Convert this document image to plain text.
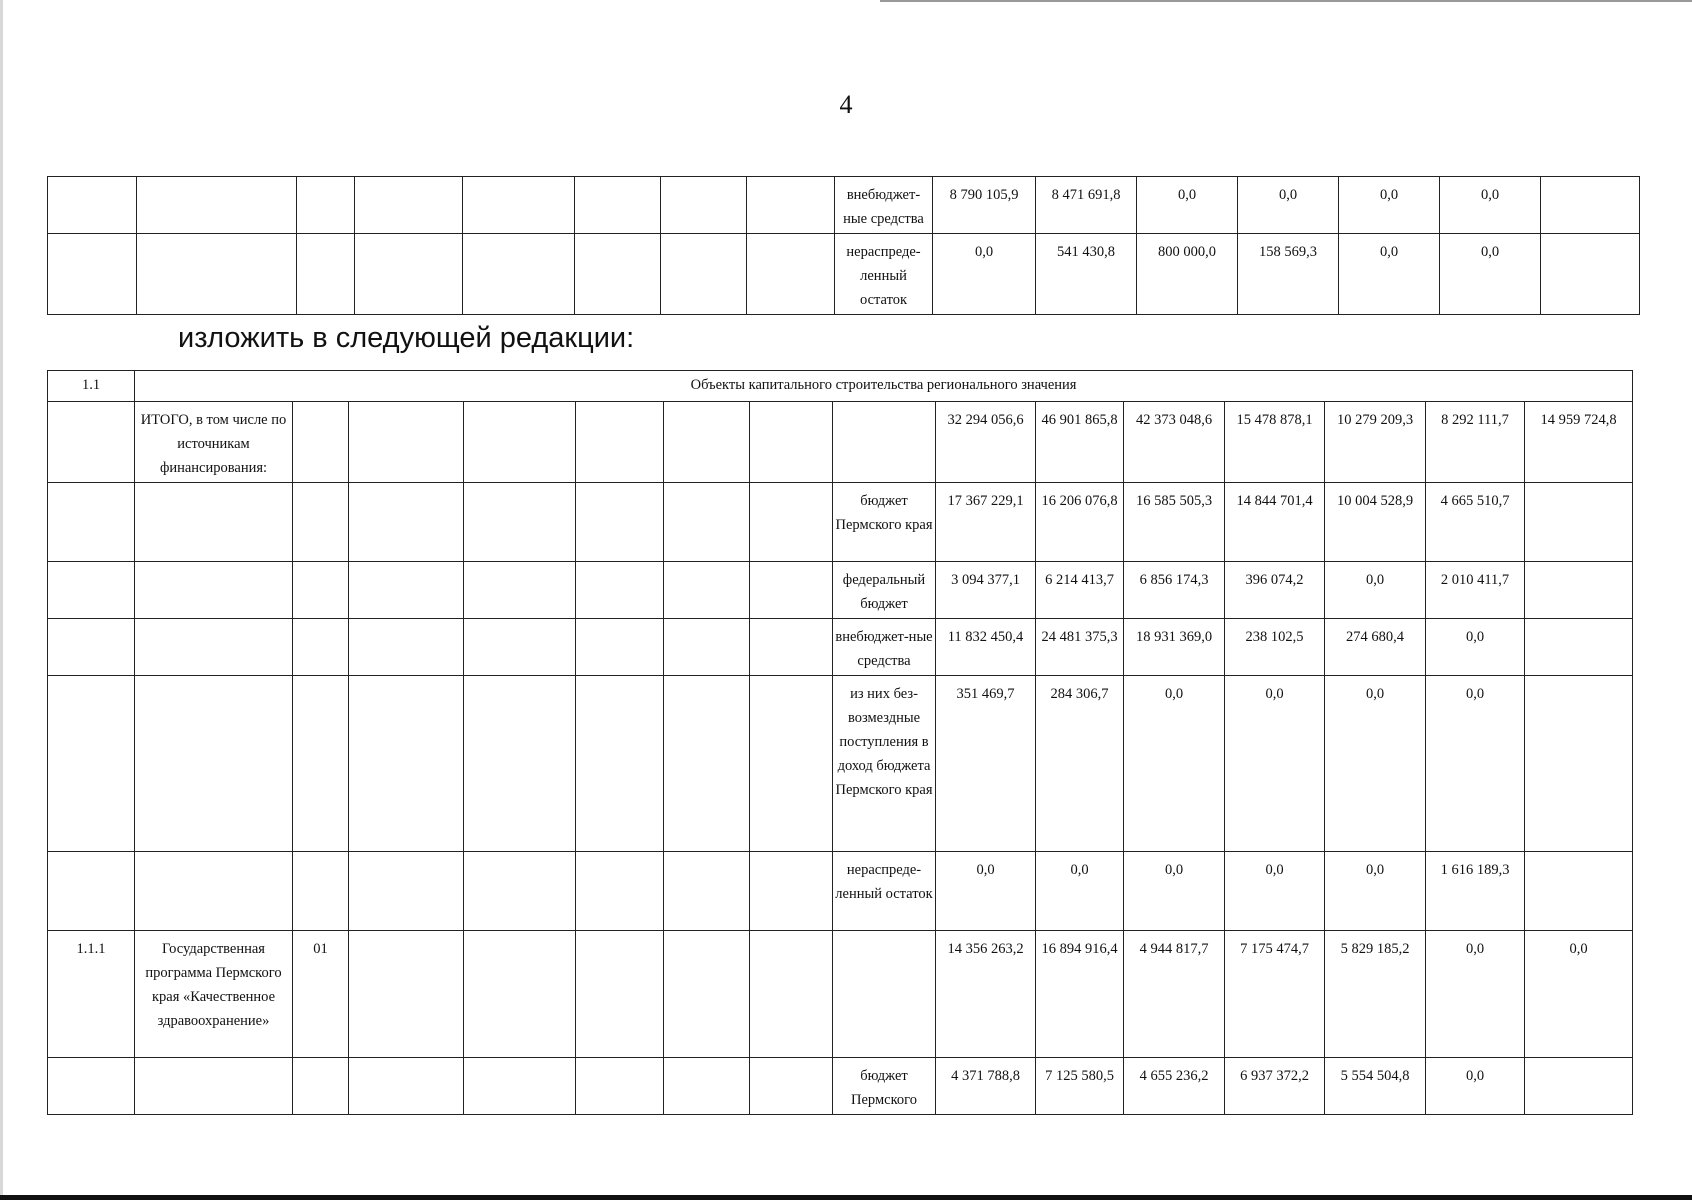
4
								внебюджет-ные средства	8 790 105,9	8 471 691,8	0,0	0,0	0,0	0,0	
								нераспреде-ленный остаток	0,0	541 430,8	800 000,0	158 569,3	0,0	0,0	
изложить в следующей редакции:
1.1	Объекты капитального строительства регионального значения														
	ИТОГО, в том числе по источникам финансирования:								32 294 056,6	46 901 865,8	42 373 048,6	15 478 878,1	10 279 209,3	8 292 111,7	14 959 724,8
								бюджет Пермского края	17 367 229,1	16 206 076,8	16 585 505,3	14 844 701,4	10 004 528,9	4 665 510,7	
								федеральный бюджет	3 094 377,1	6 214 413,7	6 856 174,3	396 074,2	0,0	2 010 411,7	
								внебюджет-ные средства	11 832 450,4	24 481 375,3	18 931 369,0	238 102,5	274 680,4	0,0	
								из них без-возмездные поступления в доход бюджета Пермского края	351 469,7	284 306,7	0,0	0,0	0,0	0,0	
								нераспреде-ленный остаток	0,0	0,0	0,0	0,0	0,0	1 616 189,3	
1.1.1	Государственная программа Пермского края «Качественное здравоохранение»	01							14 356 263,2	16 894 916,4	4 944 817,7	7 175 474,7	5 829 185,2	0,0	0,0
								бюджет Пермского	4 371 788,8	7 125 580,5	4 655 236,2	6 937 372,2	5 554 504,8	0,0	
